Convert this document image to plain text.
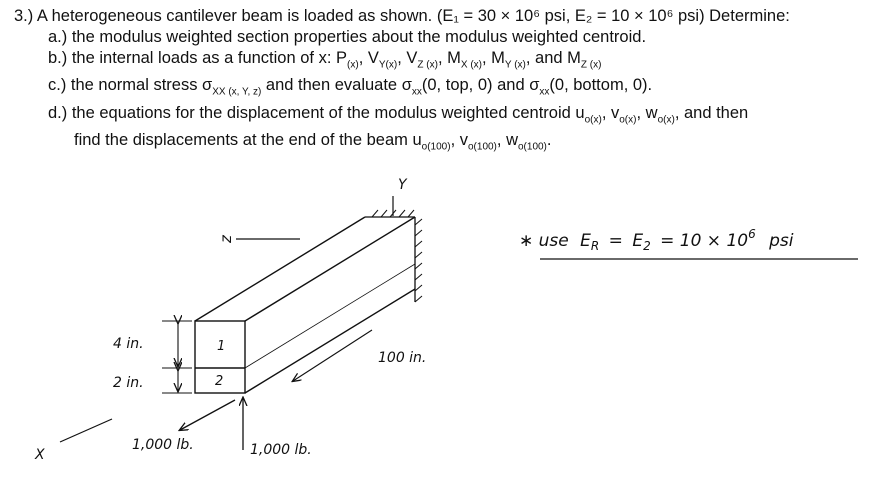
3.) A heterogeneous cantilever beam is loaded as shown. (E₁ = 30 × 10⁶ psi, E₂ = 10 × 10⁶ psi) Determine:
a.) the modulus weighted section properties about the modulus weighted centroid.
b.) the internal loads as a function of x: $P_{(x)}$, $V_{Y(x)}$, $V_{Z (x)}$, $M_{X (x)}$, $M_{Y (x)}$, and $M_{Z (x)}$
c.) the normal stress $\sigma_{XX (x, Y, z)}$ and then evaluate $\sigma_{xx}(0$, top, 0) and $\sigma_{xx}(0$, bottom, 0).
d.) the equations for the displacement of the modulus weighted centroid $u_{o(x)}$, $v_{o(x)}$, $w_{o(x)}$, and then
find the displacements at the end of the beam $u_{o(100)}$, $v_{o(100)}$, $w_{o(100)}$.
Y
z
X
1
2
4 in.
2 in.
100 in.
1,000 lb.	1,000 lb.
∗ use $E_R = E_2 = 10 \times 10^6$ psi
